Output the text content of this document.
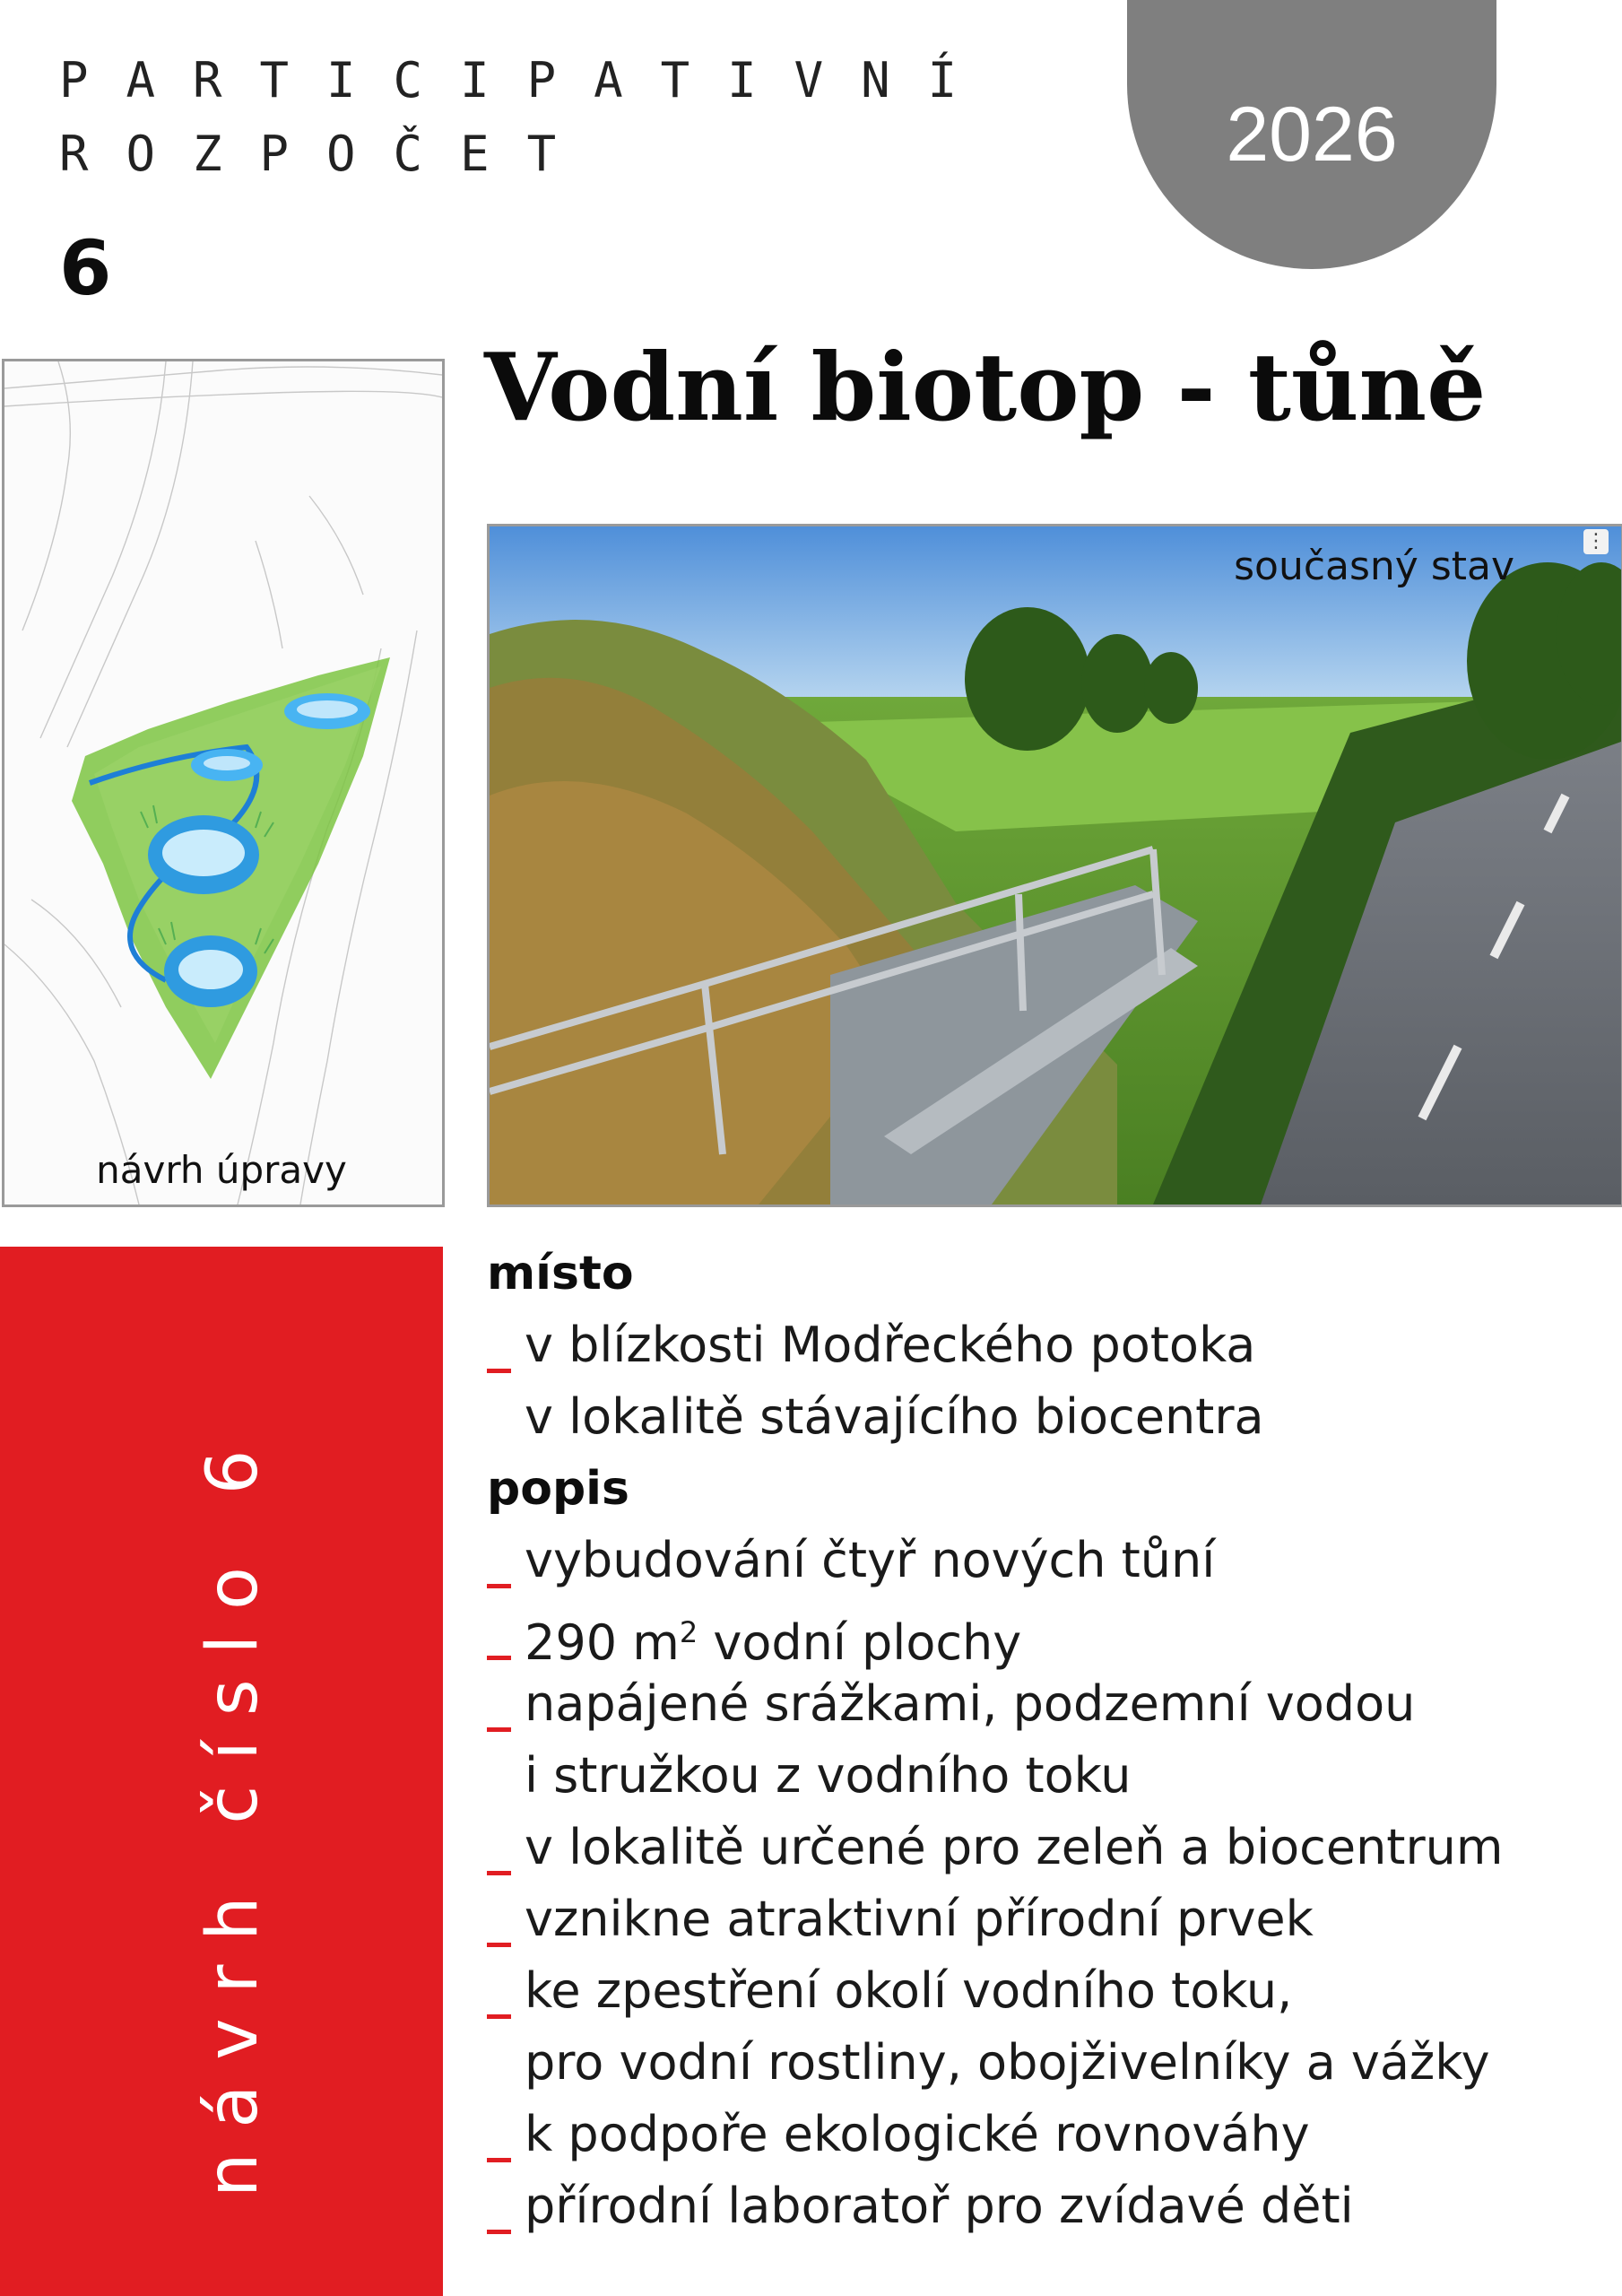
PARTICIPATIVNÍ
ROZPOČET	2026
6
Vodní biotop - tůně
návrh úpravy
současný stav
⋮
návrh číslo 6
místo
_ v blízkosti Modřeckého potoka
v lokalitě stávajícího biocentra
popis
_ vybudování čtyř nových tůní
_ 290 $m^2$ vodní plochy
_ napájené srážkami, podzemní vodou
i stružkou z vodního toku
_ v lokalitě určené pro zeleň a biocentrum
_ vznikne atraktivní přírodní prvek
_ ke zpestření okolí vodního toku,
pro vodní rostliny, obojživelníky a vážky
_ k podpoře ekologické rovnováhy
_ přírodní laboratoř pro zvídavé děti
